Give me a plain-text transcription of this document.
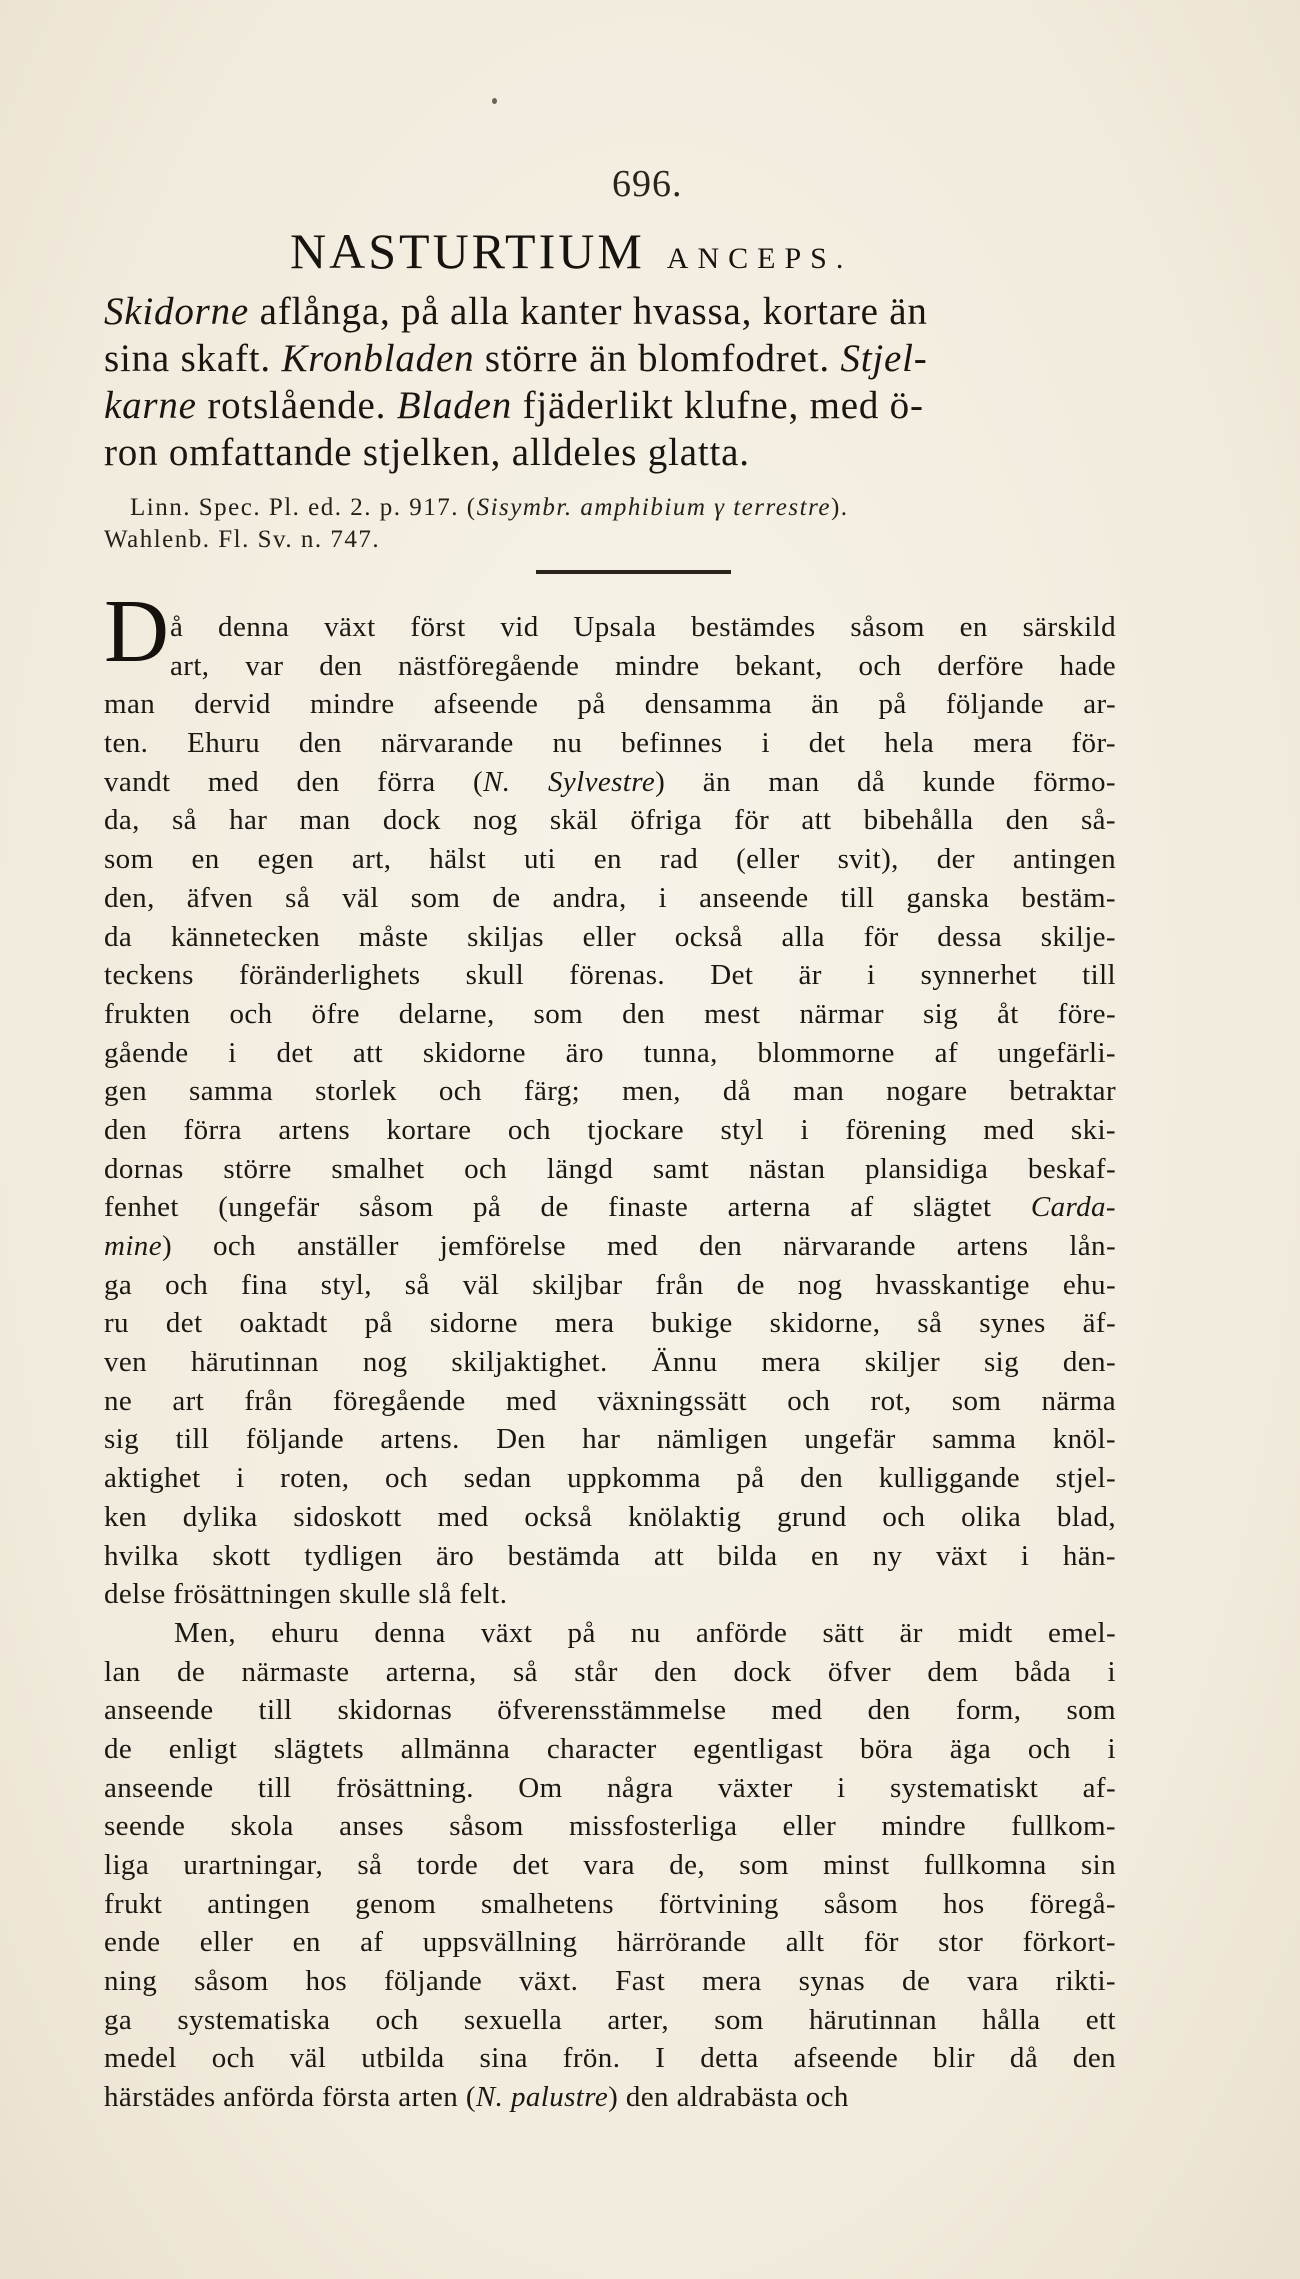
696.
NASTURTIUM ANCEPS.
Skidorne aflånga, på alla kanter hvassa, kortare än
sina skaft. Kronbladen större än blomfodret. Stjel-
karne rotslående. Bladen fjäderlikt klufne, med ö-
ron omfattande stjelken, alldeles glatta.
Linn. Spec. Pl. ed. 2. p. 917. (Sisymbr. amphibium γ terrestre).
Wahlenb. Fl. Sv. n. 747.
D å denna växt först vid Upsala bestämdes såsom en särskild
art, var den nästföregående mindre bekant, och derföre hade
man dervid mindre afseende på densamma än på följande ar-
ten. Ehuru den närvarande nu befinnes i det hela mera för-
vandt med den förra (N. Sylvestre) än man då kunde förmo-
da, så har man dock nog skäl öfriga för att bibehålla den så-
som en egen art, hälst uti en rad (eller svit), der antingen
den, äfven så väl som de andra, i anseende till ganska bestäm-
da kännetecken måste skiljas eller också alla för dessa skilje-
teckens föränderlighets skull förenas. Det är i synnerhet till
frukten och öfre delarne, som den mest närmar sig åt före-
gående i det att skidorne äro tunna, blommorne af ungefärli-
gen samma storlek och färg; men, då man nogare betraktar
den förra artens kortare och tjockare styl i förening med ski-
dornas större smalhet och längd samt nästan plansidiga beskaf-
fenhet (ungefär såsom på de finaste arterna af slägtet Carda-
mine) och anställer jemförelse med den närvarande artens lån-
ga och fina styl, så väl skiljbar från de nog hvasskantige ehu-
ru det oaktadt på sidorne mera bukige skidorne, så synes äf-
ven härutinnan nog skiljaktighet. Ännu mera skiljer sig den-
ne art från föregående med växningssätt och rot, som närma
sig till följande artens. Den har nämligen ungefär samma knöl-
aktighet i roten, och sedan uppkomma på den kulliggande stjel-
ken dylika sidoskott med också knölaktig grund och olika blad,
hvilka skott tydligen äro bestämda att bilda en ny växt i hän-
delse frösättningen skulle slå felt.
Men, ehuru denna växt på nu anförde sätt är midt emel-
lan de närmaste arterna, så står den dock öfver dem båda i
anseende till skidornas öfverensstämmelse med den form, som
de enligt slägtets allmänna character egentligast böra äga och i
anseende till frösättning. Om några växter i systematiskt af-
seende skola anses såsom missfosterliga eller mindre fullkom-
liga urartningar, så torde det vara de, som minst fullkomna sin
frukt antingen genom smalhetens förtvining såsom hos föregå-
ende eller en af uppsvällning härrörande allt för stor förkort-
ning såsom hos följande växt. Fast mera synas de vara rikti-
ga systematiska och sexuella arter, som härutinnan hålla ett
medel och väl utbilda sina frön. I detta afseende blir då den
härstädes anförda första arten (N. palustre) den aldrabästa och
